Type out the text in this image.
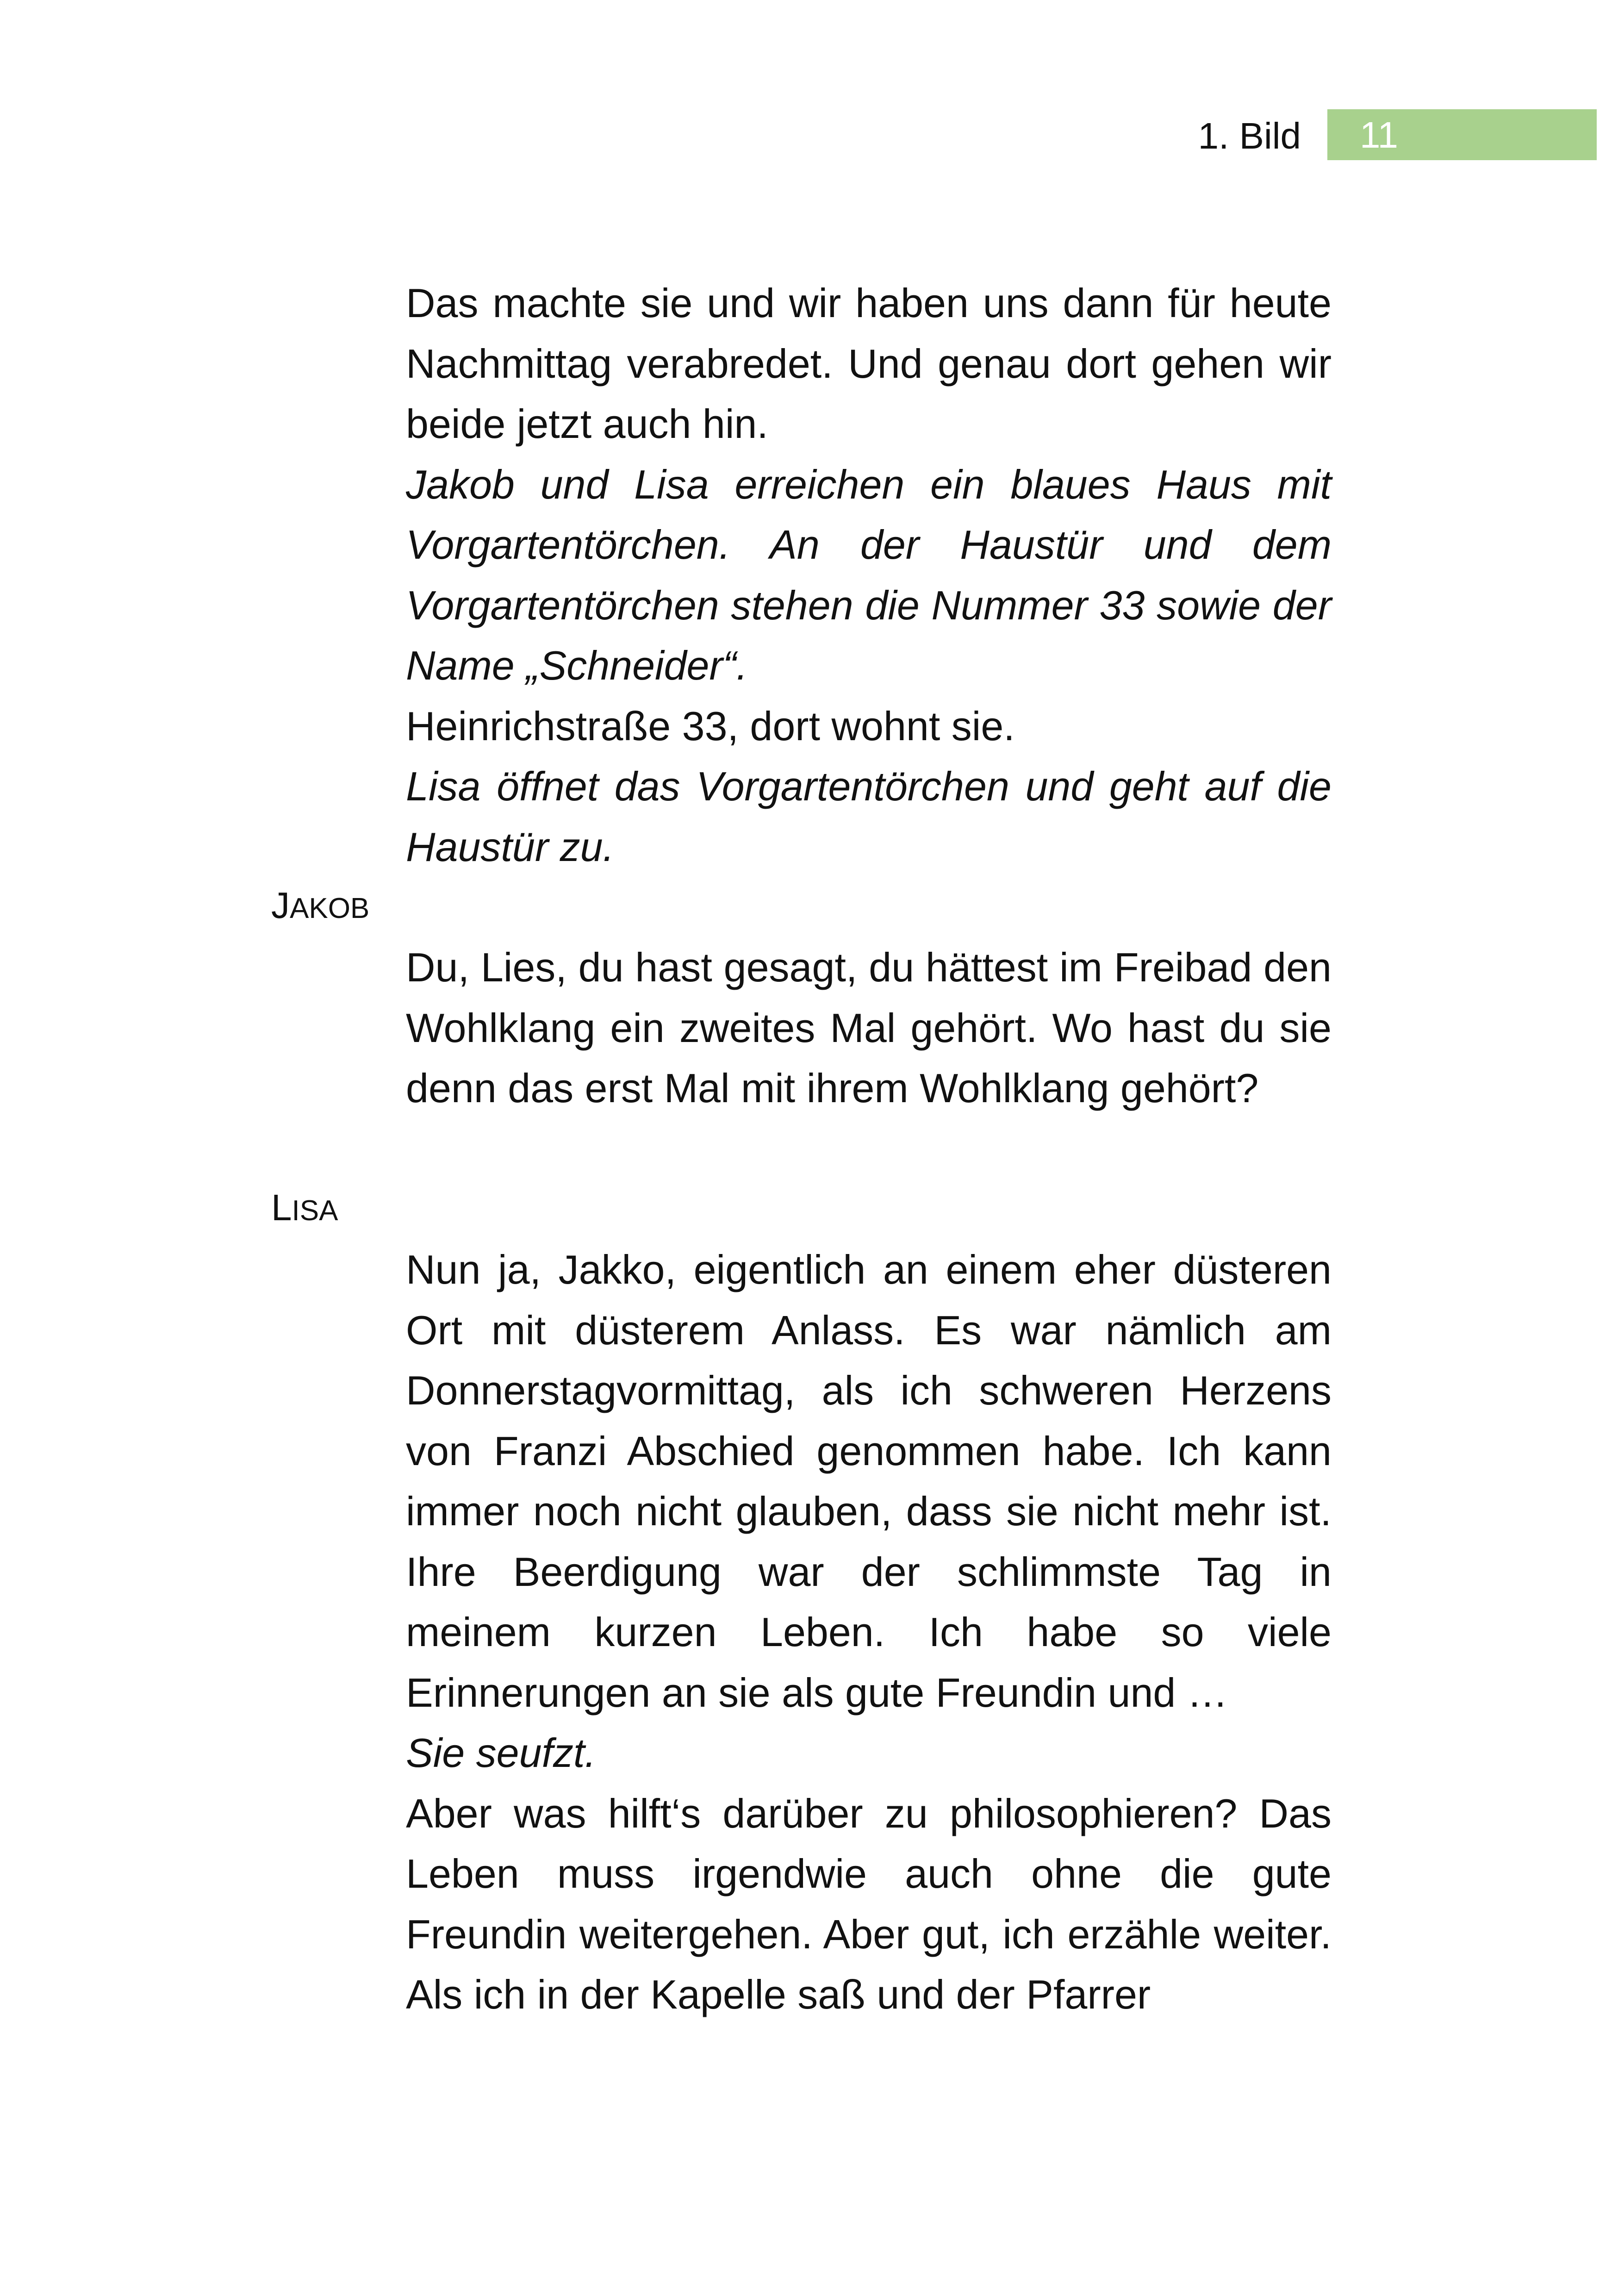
1. Bild 11

Das machte sie und wir haben uns dann für heute Nachmittag verabredet. Und genau dort gehen wir beide jetzt auch hin.

Jakob und Lisa erreichen ein blaues Haus mit Vorgartentörchen. An der Haustür und dem Vorgartentörchen stehen die Nummer 33 sowie der Name „Schneider“.

Heinrichstraße 33, dort wohnt sie.

Lisa öffnet das Vorgartentörchen und geht auf die Haustür zu.

JAKOB

Du, Lies, du hast gesagt, du hättest im Freibad den Wohlklang ein zweites Mal gehört. Wo hast du sie denn das erst Mal mit ihrem Wohlklang gehört?

LISA

Nun ja, Jakko, eigentlich an einem eher düsteren Ort mit düsterem Anlass. Es war nämlich am Donnerstagvormittag, als ich schweren Herzens von Franzi Abschied genommen habe. Ich kann immer noch nicht glauben, dass sie nicht mehr ist. Ihre Beerdigung war der schlimmste Tag in meinem kurzen Leben. Ich habe so viele Erinnerungen an sie als gute Freundin und …

Sie seufzt.

Aber was hilft‘s darüber zu philosophieren? Das Leben muss irgendwie auch ohne die gute Freundin weitergehen. Aber gut, ich erzähle weiter. Als ich in der Kapelle saß und der Pfarrer
